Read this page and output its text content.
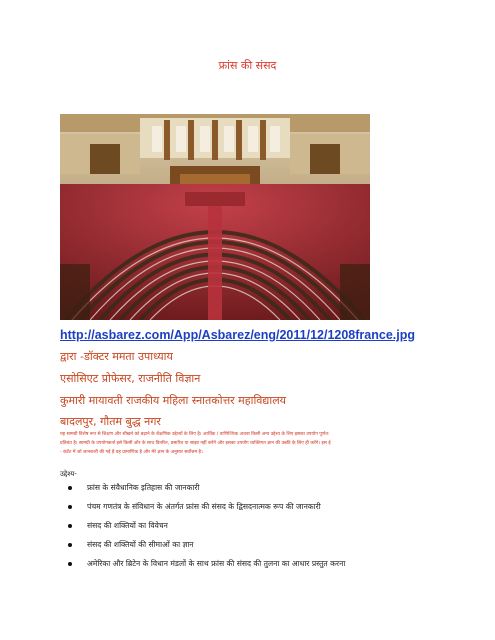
फ्रांस की संसद
http://asbarez.com/App/Asbarez/eng/2011/12/1208france.jpg
द्वारा -डॉक्टर ममता उपाध्याय
एसोसिएट प्रोफेसर, राजनीति विज्ञान
कुमारी मायावती राजकीय महिला स्नातकोत्तर महाविद्यालय
बादलपुर, गौतम बुद्ध नगर
यह सामग्री विशेष रूप से शिक्षण और सीखने को बढ़ाने के शैक्षणिक उद्देश्यों के लिए है। आर्थिक / वाणिज्यिक अथवा किसी अन्य उद्देश्य के लिए इसका उपयोग पूर्णत:
प्रतिबंध है। सामग्री के उपयोगकर्ता इसे किसी और के साथ वितरित, प्रसारित या साझा नहीं करेंगे और इसका उपयोग व्यक्तिगत ज्ञान की उन्नति के लिए ही करेंगे। इस ई
- कंटेंट में जो जानकारी की गई है वह प्रामाणिक है और मेरे ज्ञान के अनुसार सर्वोत्तम है।
उद्देश्य-
फ्रांस के संवैधानिक इतिहास की जानकारी
पंचम गणतंत्र के संविधान के अंतर्गत फ्रांस की संसद के द्विसदनात्मक रूप की जानकारी
संसद की शक्तियों का विवेचन
संसद की शक्तियों की सीमाओं का ज्ञान
अमेरिका और ब्रिटेन के विधान मंडलों के साथ फ्रांस की संसद की तुलना का आधार प्रस्तुत करना
